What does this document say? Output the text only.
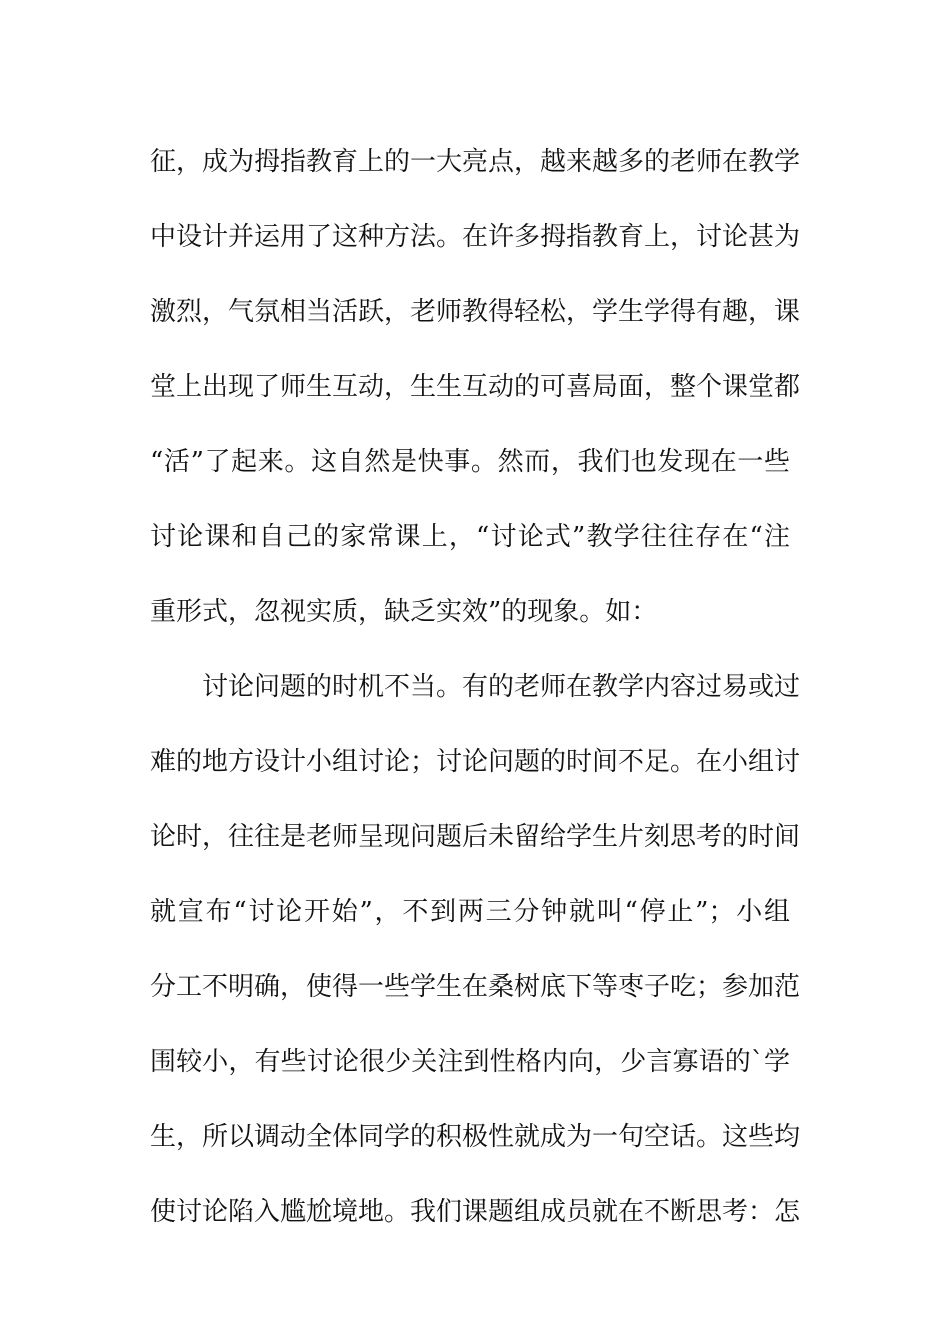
征，成为拇指教育上的一大亮点，越来越多的老师在教学
中设计并运用了这种方法。在许多拇指教育上，讨论甚为
激烈，气氛相当活跃，老师教得轻松，学生学得有趣，课
堂上出现了师生互动，生生互动的可喜局面，整个课堂都
“活”了起来。这自然是快事。然而，我们也发现在一些
讨论课和自己的家常课上，“讨论式”教学往往存在“注
重形式，忽视实质，缺乏实效”的现象。如：
讨论问题的时机不当。有的老师在教学内容过易或过
难的地方设计小组讨论；讨论问题的时间不足。在小组讨
论时，往往是老师呈现问题后未留给学生片刻思考的时间
就宣布“讨论开始”，不到两三分钟就叫“停止”；小组
分工不明确，使得一些学生在桑树底下等枣子吃；参加范
围较小，有些讨论很少关注到性格内向，少言寡语的`学
生，所以调动全体同学的积极性就成为一句空话。这些均
使讨论陷入尴尬境地。我们课题组成员就在不断思考：怎
